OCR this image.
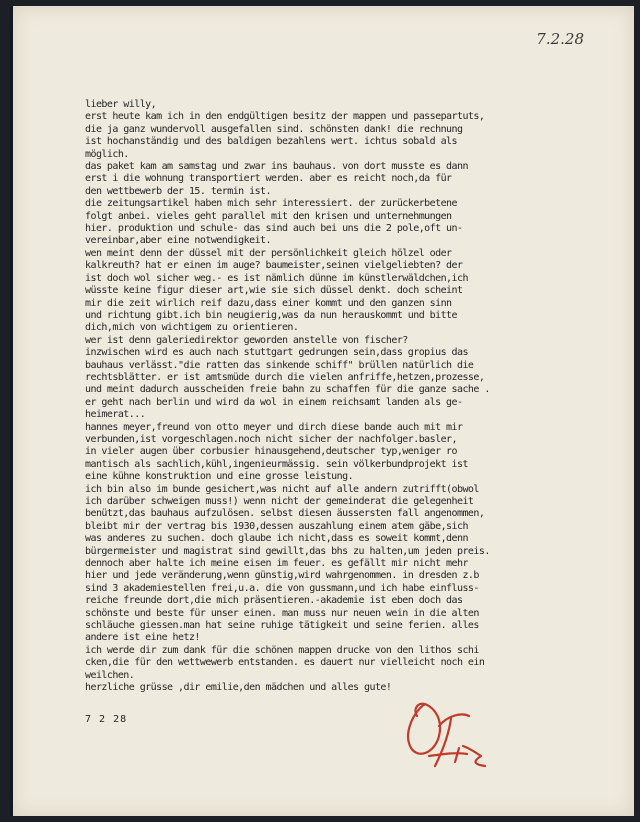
7.2.28

lieber willy,

erst heute kam ich in den endgültigen besitz der mappen und passepartuts,

die ja ganz wundervoll ausgefallen sind. schönsten dank! die rechnung

ist hochanständig und des baldigen bezahlens wert. ichtus sobald als

möglich.

das paket kam am samstag und zwar ins bauhaus. von dort musste es dann

erst i die wohnung transportiert werden. aber es reicht noch,da für

den wettbewerb der 15. termin ist.

die zeitungsartikel haben mich sehr interessiert. der zurückerbetene

folgt anbei. vieles geht parallel mit den krisen und unternehmungen

hier. produktion und schule- das sind auch bei uns die 2 pole,oft un-

vereinbar,aber eine notwendigkeit.

wen meint denn der düssel mit der persönlichkeit gleich hölzel oder

kalkreuth? hat er einen im auge? baumeister,seinen vielgeliebten? der

ist doch wol sicher weg.- es ist nämlich dünne im künstlerwäldchen,ich

wüsste keine figur dieser art,wie sie sich düssel denkt. doch scheint

mir die zeit wirlich reif dazu,dass einer kommt und den ganzen sinn

und richtung gibt.ich bin neugierig,was da nun herauskommt und bitte

dich,mich von wichtigem zu orientieren.

wer ist denn galeriedirektor geworden anstelle von fischer?

inzwischen wird es auch nach stuttgart gedrungen sein,dass gropius das

bauhaus verlässt."die ratten das sinkende schiff" brüllen natürlich die

rechtsblätter. er ist amtsmüde durch die vielen anfriffe,hetzen,prozesse,

und meint dadurch ausscheiden freie bahn zu schaffen für die ganze sache .

er geht nach berlin und wird da wol in einem reichsamt landen als ge-

heimerat...

hannes meyer,freund von otto meyer und dirch diese bande auch mit mir

verbunden,ist vorgeschlagen.noch nicht sicher der nachfolger.basler,

in vieler augen über corbusier hinausgehend,deutscher typ,weniger ro

mantisch als sachlich,kühl,ingenieurmässig. sein völkerbundprojekt ist

eine kühne konstruktion und eine grosse leistung.

ich bin also im bunde gesichert,was nicht auf alle andern zutrifft(obwol

ich darüber schweigen muss!) wenn nicht der gemeinderat die gelegenheit

benützt,das bauhaus aufzulösen. selbst diesen äussersten fall angenommen,

bleibt mir der vertrag bis 1930,dessen auszahlung einem atem gäbe,sich

was anderes zu suchen. doch glaube ich nicht,dass es soweit kommt,denn

bürgermeister und magistrat sind gewillt,das bhs zu halten,um jeden preis.

dennoch aber halte ich meine eisen im feuer. es gefällt mir nicht mehr

hier und jede veränderung,wenn günstig,wird wahrgenommen. in dresden z.b

sind 3 akademiestellen frei,u.a. die von gussmann,und ich habe einfluss-

reiche freunde dort,die mich präsentieren.-akademie ist eben doch das

schönste und beste für unser einen. man muss nur neuen wein in die alten

schläuche giessen.man hat seine ruhige tätigkeit und seine ferien. alles

andere ist eine hetz!

ich werde dir zum dank für die schönen mappen drucke von den lithos schi

cken,die für den wettwewerb entstanden. es dauert nur vielleicht noch ein

weilchen.

herzliche grüsse ,dir emilie,den mädchen und alles gute!

7 2 28
